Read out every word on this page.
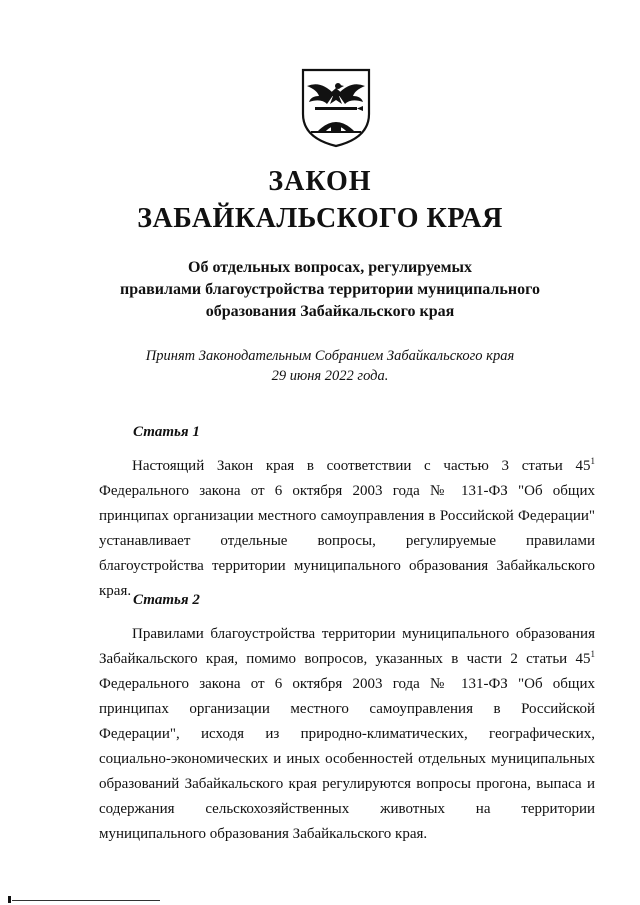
ЗАКОН
ЗАБАЙКАЛЬСКОГО КРАЯ
Об отдельных вопросах, регулируемых
правилами благоустройства территории муниципального
образования Забайкальского края
Принят Законодательным Собранием Забайкальского края
29 июня 2022 года.
Статья 1
Настоящий Закон края в соответствии с частью 3 статьи $45^1$ Федерального закона от 6 октября 2003 года № 131-ФЗ "Об общих принципах организации местного самоуправления в Российской Федерации" устанавливает отдельные вопросы, регулируемые правилами благоустройства территории муниципального образования Забайкальского края.
Статья 2
Правилами благоустройства территории муниципального образования Забайкальского края, помимо вопросов, указанных в части 2 статьи $45^1$ Федерального закона от 6 октября 2003 года № 131-ФЗ "Об общих принципах организации местного самоуправления в Российской Федерации", исходя из природно-климатических, географических, социально-экономических и иных особенностей отдельных муниципальных образований Забайкальского края регулируются вопросы прогона, выпаса и содержания сельскохозяйственных животных на территории муниципального образования Забайкальского края.
